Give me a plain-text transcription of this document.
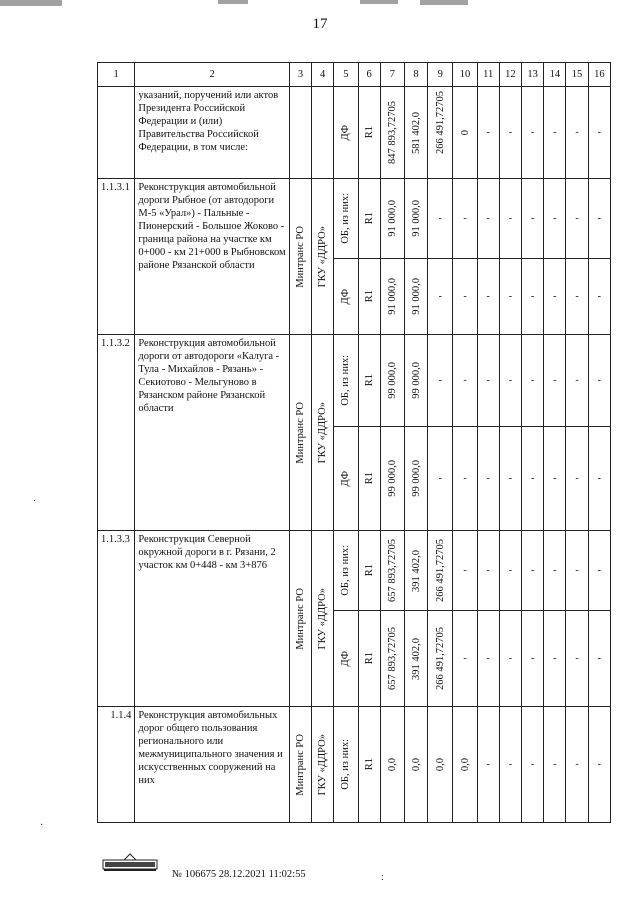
17
1	2	3	4	5	6	7	8	9	10	11	12	13	14	15	16
	указаний, поручений или актов Президента Российской Федерации и (или) Правительства Российской Федерации, в том числе:			ДФ	R1	847 893,72705	581 402,0	266 491,72705	0	-	-	-	-	-	-

1.1.3.1	Реконструкция автомобильной дороги Рыбное (от автодороги М-5 «Урал») - Пальные - Пионерский - Большое Жоково - граница района на участке км 0+000 - км 21+000 в Рыбновском районе Рязанской области	Минтранс РО	ГКУ «ДДРО»	ОБ, из них:	R1	91 000,0	91 000,0	-	-	-	-	-	-	-	-

				ДФ	R1	91 000,0	91 000,0	-	-	-	-	-	-	-	-

1.1.3.2	Реконструкция автомобильной дороги от автодороги «Калуга - Тула - Михайлов - Рязань» - Секиотово - Мельгуново в Рязанском районе Рязанской области	Минтранс РО	ГКУ «ДДРО»	ОБ, из них:	R1	99 000,0	99 000,0	-	-	-	-	-	-	-	-

				ДФ	R1	99 000,0	99 000,0	-	-	-	-	-	-	-	-

1.1.3.3	Реконструкция Северной окружной дороги в г. Рязани, 2 участок км 0+448 - км 3+876	Минтранс РО	ГКУ «ДДРО»	ОБ, из них:	R1	657 893,72705	391 402,0	266 491,72705	-	-	-	-	-	-	-

				ДФ	R1	657 893,72705	391 402,0	266 491,72705	-	-	-	-	-	-	-

1.1.4	Реконструкция автомобильных дорог общего пользования регионального или межмуниципального значения и искусственных сооружений на них	Минтранс РО	ГКУ «ДДРО»	ОБ, из них:	R1	0,0	0,0	0,0	0,0	-	-	-	-	-	-
№ 106675 28.12.2021 11:02:55	:
·
·
